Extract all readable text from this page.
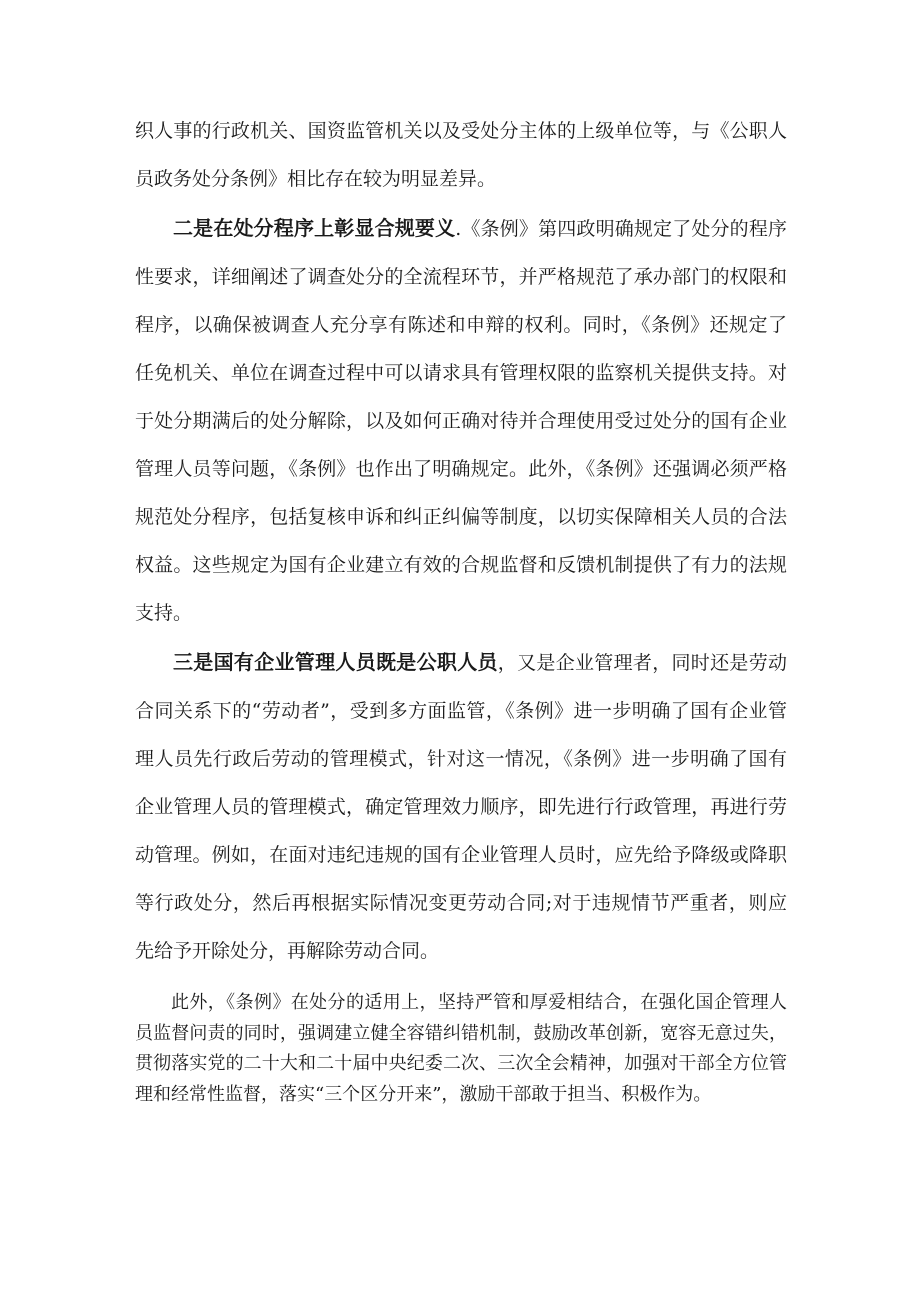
织人事的行政机关、国资监管机关以及受处分主体的上级单位等，与《公职人员政务处分条例》相比存在较为明显差异。

二是在处分程序上彰显合规要义.《条例》第四政明确规定了处分的程序性要求，详细阐述了调查处分的全流程环节，并严格规范了承办部门的权限和程序，以确保被调查人充分享有陈述和申辩的权利。同时，《条例》还规定了任免机关、单位在调查过程中可以请求具有管理权限的监察机关提供支持。对于处分期满后的处分解除，以及如何正确对待并合理使用受过处分的国有企业管理人员等问题，《条例》也作出了明确规定。此外，《条例》还强调必须严格规范处分程序，包括复核申诉和纠正纠偏等制度，以切实保障相关人员的合法权益。这些规定为国有企业建立有效的合规监督和反馈机制提供了有力的法规支持。

三是国有企业管理人员既是公职人员，又是企业管理者，同时还是劳动合同关系下的“劳动者”，受到多方面监管，《条例》进一步明确了国有企业管理人员先行政后劳动的管理模式，针对这一情况，《条例》进一步明确了国有企业管理人员的管理模式，确定管理效力顺序，即先进行行政管理，再进行劳动管理。例如，在面对违纪违规的国有企业管理人员时，应先给予降级或降职等行政处分，然后再根据实际情况变更劳动合同;对于违规情节严重者，则应先给予开除处分，再解除劳动合同。

此外，《条例》在处分的适用上，坚持严管和厚爱相结合，在强化国企管理人员监督问责的同时，强调建立健全容错纠错机制，鼓励改革创新，宽容无意过失，贯彻落实党的二十大和二十届中央纪委二次、三次全会精神，加强对干部全方位管理和经常性监督，落实“三个区分开来”，激励干部敢于担当、积极作为。
